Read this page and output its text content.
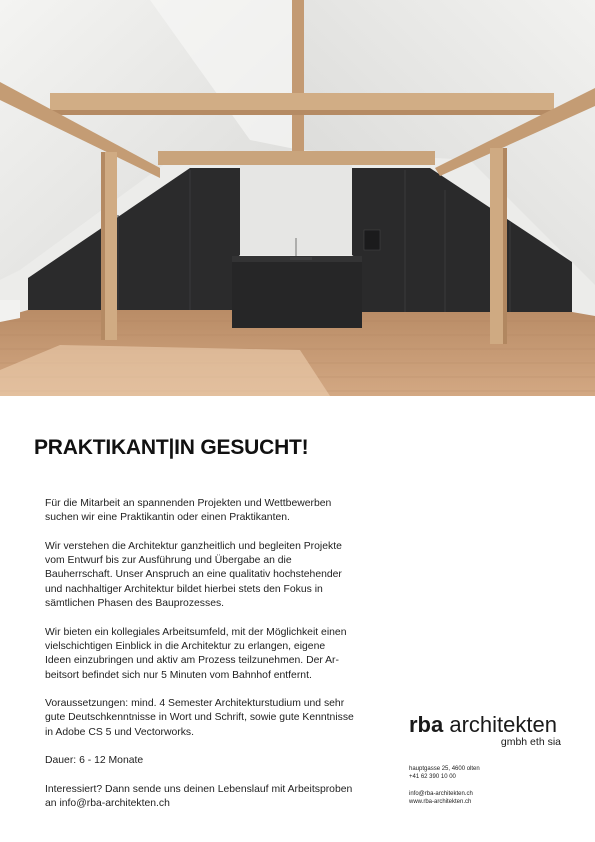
PRAKTIKANT|IN GESUCHT!

Für die Mitarbeit an spannenden Projekten und Wettbewerben
suchen wir eine Praktikantin oder einen Praktikanten.

Wir verstehen die Architektur ganzheitlich und begleiten Projekte
vom Entwurf bis zur Ausführung und Übergabe an die
Bauherrschaft. Unser Anspruch an eine qualitativ hochstehender
und nachhaltiger Architektur bildet hierbei stets den Fokus in
sämtlichen Phasen des Bauprozesses.

Wir bieten ein kollegiales Arbeitsumfeld, mit der Möglichkeit einen
vielschichtigen Einblick in die Architektur zu erlangen, eigene
Ideen einzubringen und aktiv am Prozess teilzunehmen. Der Ar-
beitsort befindet sich nur 5 Minuten vom Bahnhof entfernt.

Voraussetzungen: mind. 4 Semester Architekturstudium und sehr
gute Deutschkenntnisse in Wort und Schrift, sowie gute Kenntnisse
in Adobe CS 5 und Vectorworks.

Dauer: 6 - 12 Monate

Interessiert? Dann sende uns deinen Lebenslauf mit Arbeitsproben
an info@rba-architekten.ch

rba architekten
gmbh eth sia
hauptgasse 25, 4600 olten
+41 62 390 10 00
info@rba-architekten.ch
www.rba-architekten.ch
